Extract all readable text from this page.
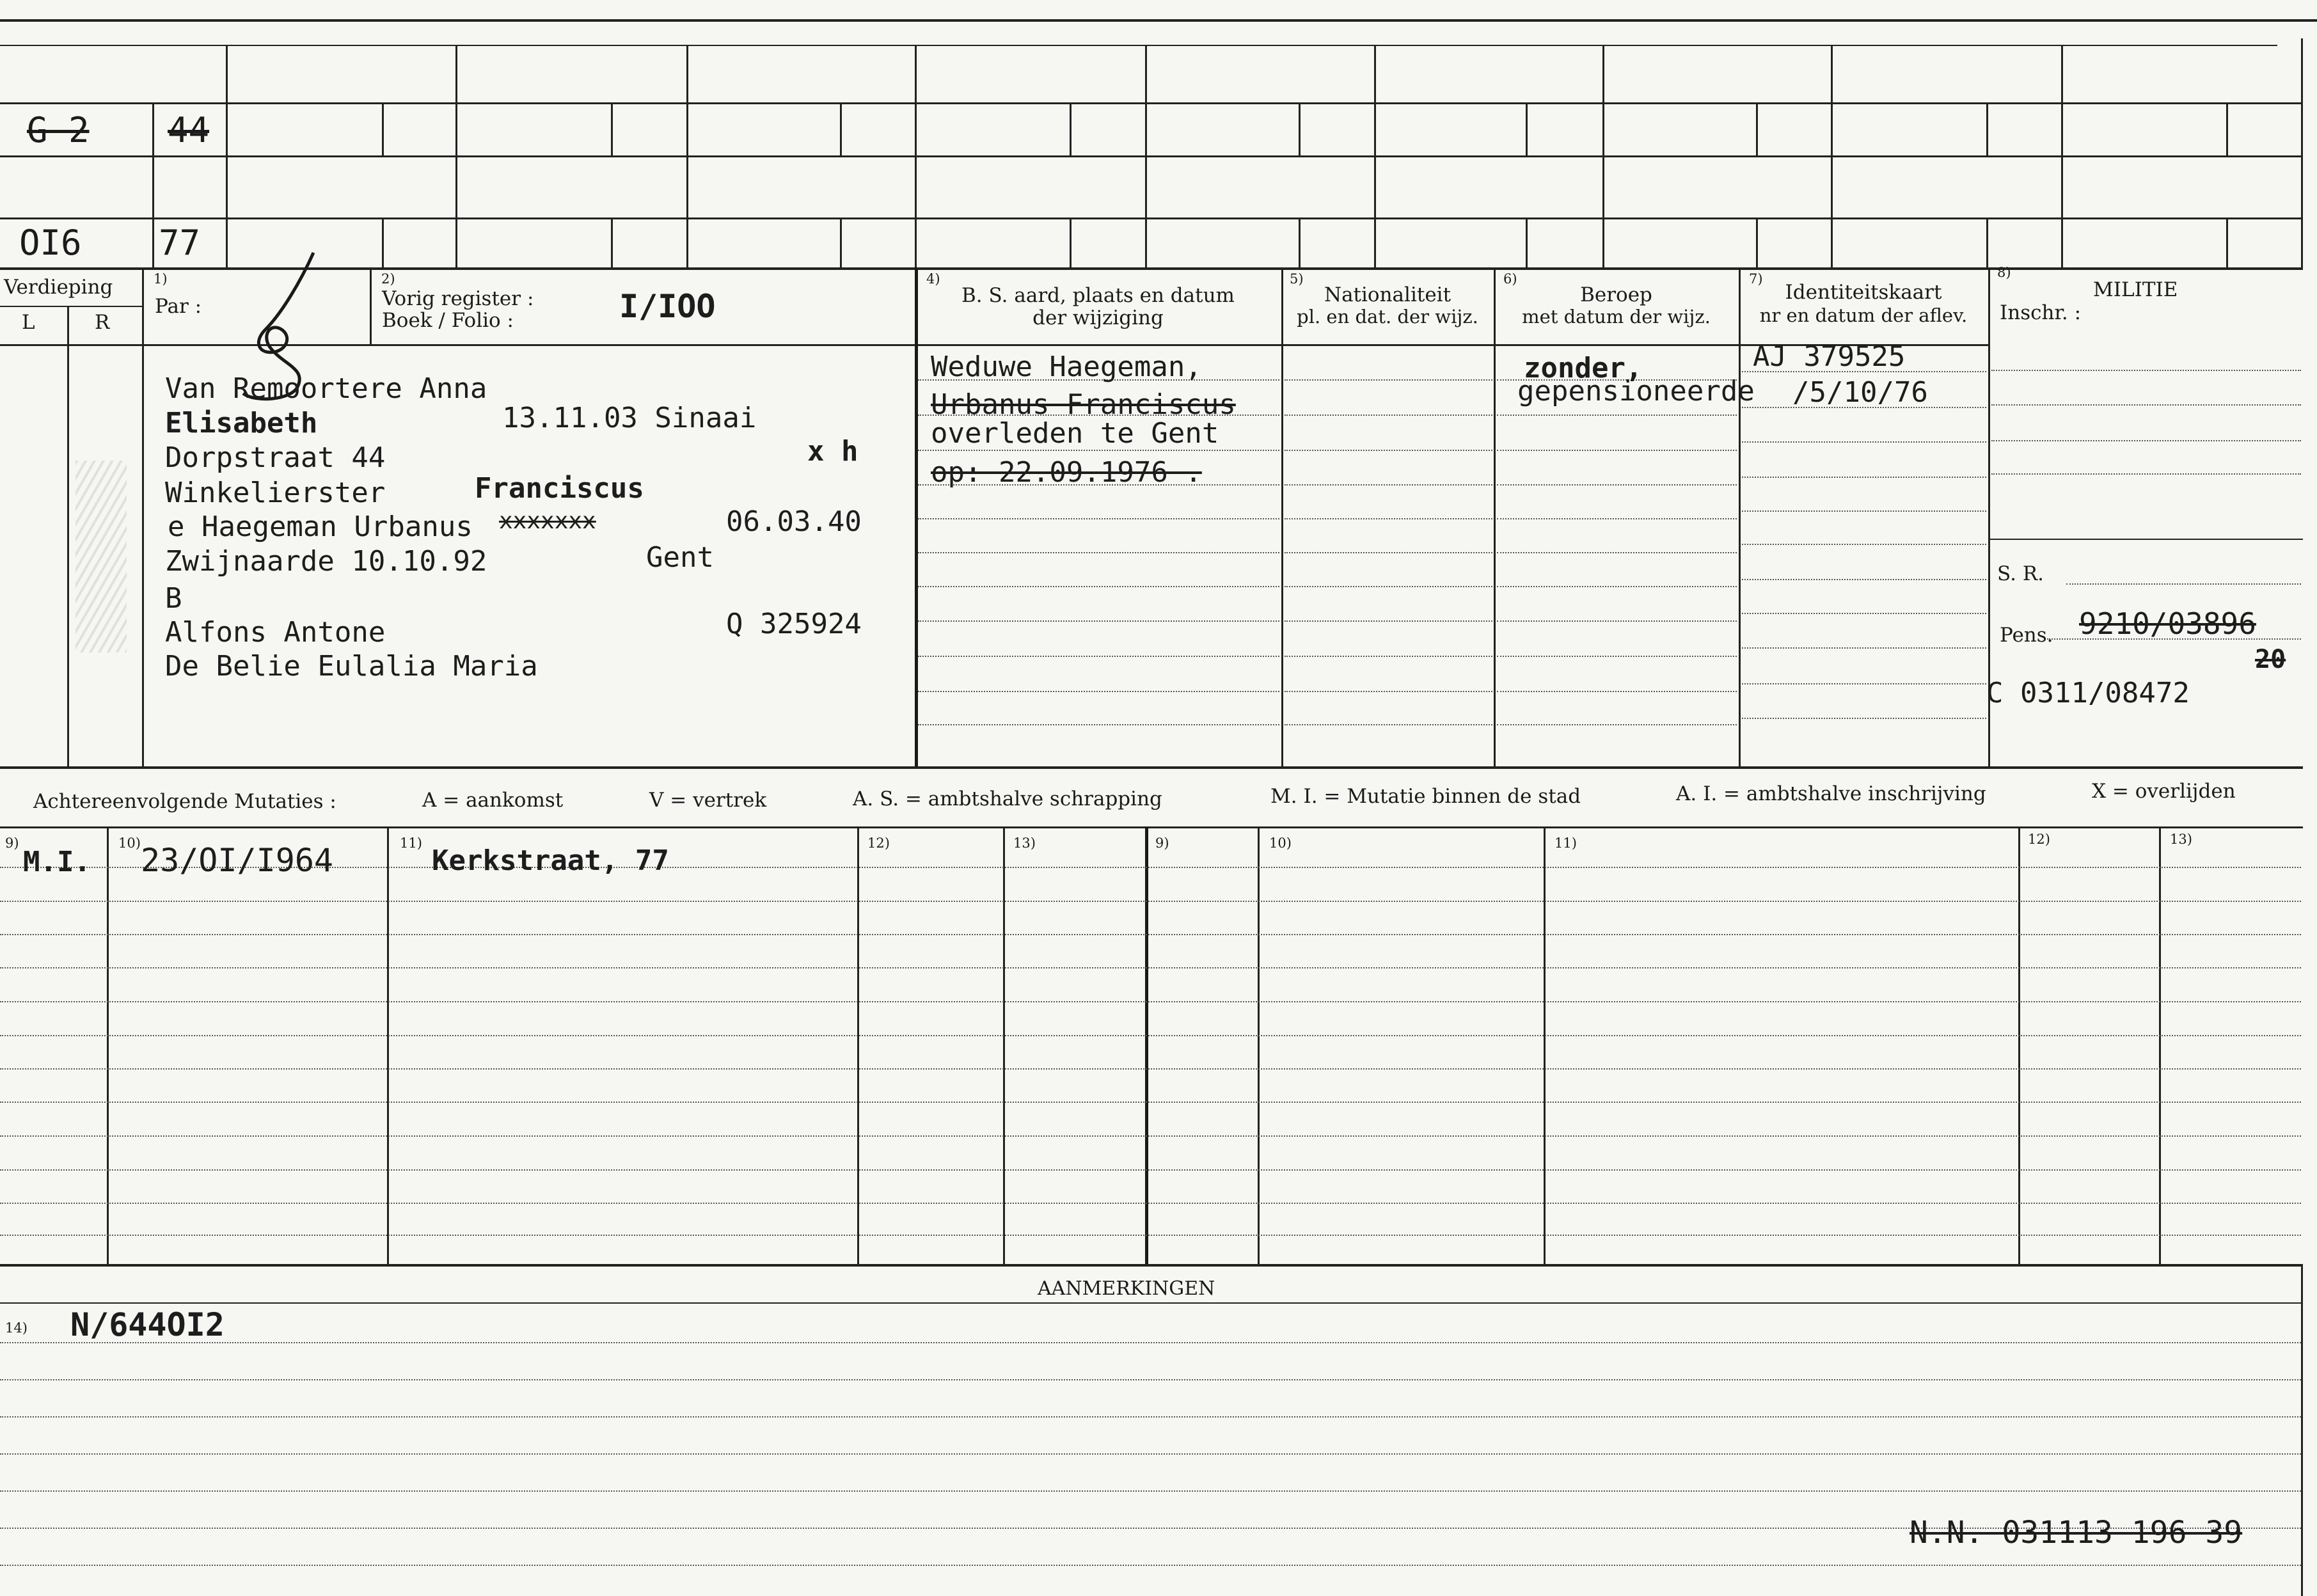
G 2 44
OI6 77
Verdieping
L	R
1)
Par :
2)
Vorig register :
Boek / Folio :	I/IOO
4)
B. S. aard, plaats en datum
der wijziging
5)
Nationaliteit
pl. en dat. der wijz.
6)
Beroep
met datum der wijz.
7)
Identiteitskaart
nr en datum der aflev.
8)
MILITIE
Inschr. :
Van Remoortere Anna
Elisabeth	13.11.03 Sinaai
Dorpstraat 44	x h
Winkelierster	Franciscus
e Haegeman Urbanus xxxxxxx	06.03.40
Zwijnaarde 10.10.92	Gent
B
Alfons Antone	Q 325924
De Belie Eulalia Maria
Weduwe Haegeman,
Urbanus Franciscus
overleden te Gent
op: 22.09.1976 .
zonder,
gepensioneerde
AJ 379525
/5/10/76
S. R.
Pens. 9210/03896
20
C 0311/08472
Achtereenvolgende Mutaties :	A = aankomst	V = vertrek	A. S. = ambtshalve schrapping	M. I. = Mutatie binnen de stad	A. I. = ambtshalve inschrijving	X = overlijden
9)	10)	11)	12)	13)	9)	10)	11)	12)	13)
M.I. 23/OI/I964	Kerkstraat, 77
AANMERKINGEN
14) N/644OI2
N.N. 031113 196 39
